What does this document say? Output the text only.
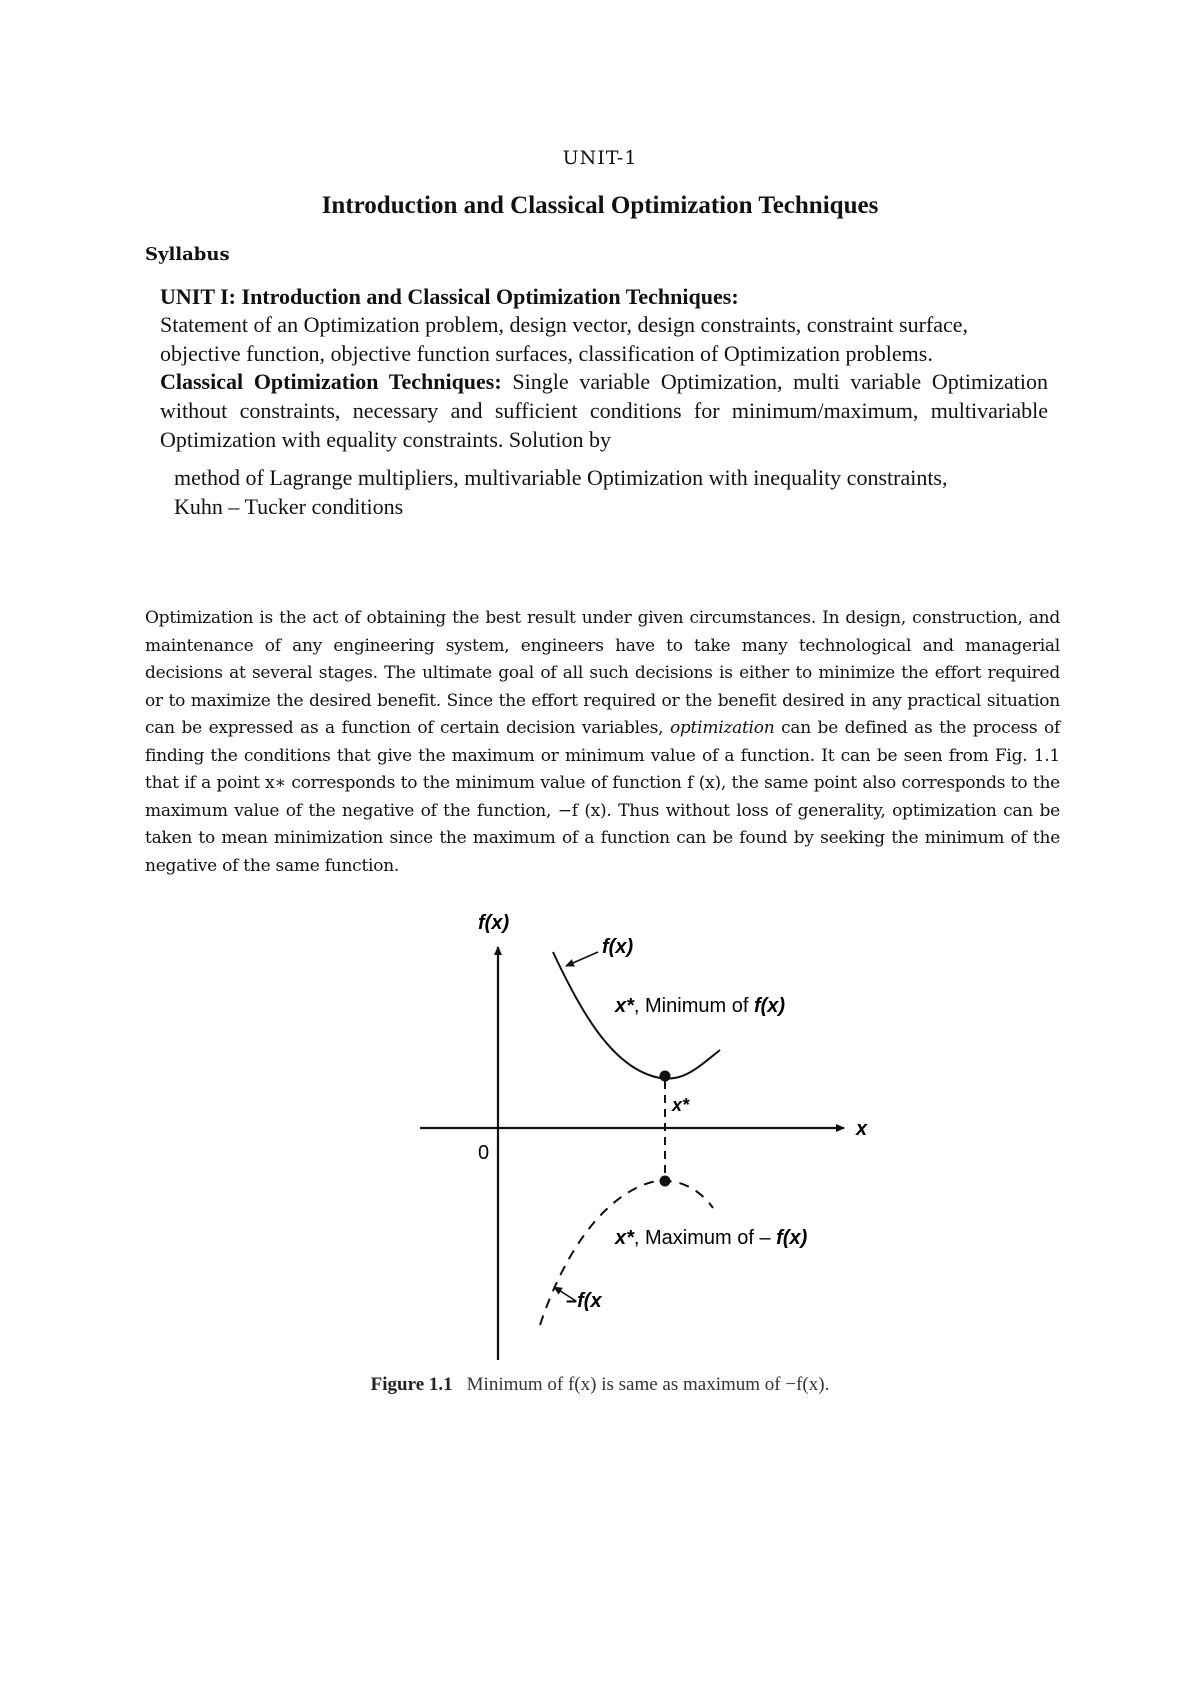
UNIT-1
Introduction and Classical Optimization Techniques
Syllabus
UNIT I: Introduction and Classical Optimization Techniques:
Statement of an Optimization problem, design vector, design constraints, constraint surface,
objective function, objective function surfaces, classification of Optimization problems.
Classical Optimization Techniques: Single variable Optimization, multi variable Optimization without constraints, necessary and sufficient conditions for minimum/maximum, multivariable Optimization with equality constraints. Solution by
method of Lagrange multipliers, multivariable Optimization with inequality constraints,
Kuhn – Tucker conditions
Optimization is the act of obtaining the best result under given circumstances. In design, construction, and maintenance of any engineering system, engineers have to take many technological and managerial decisions at several stages. The ultimate goal of all such decisions is either to minimize the effort required or to maximize the desired benefit. Since the effort required or the benefit desired in any practical situation can be expressed as a function of certain decision variables, optimization can be defined as the process of finding the conditions that give the maximum or minimum value of a function. It can be seen from Fig. 1.1 that if a point x∗ corresponds to the minimum value of function f (x), the same point also corresponds to the maximum value of the negative of the function, −f (x). Thus without loss of generality, optimization can be taken to mean minimization since the maximum of a function can be found by seeking the minimum of the negative of the same function.
f(x)
x
0
f(x)
x*, Minimum of f(x)
x*
x*, Maximum of – f(x)
–f(x
Figure 1.1 Minimum of f(x) is same as maximum of −f(x).
